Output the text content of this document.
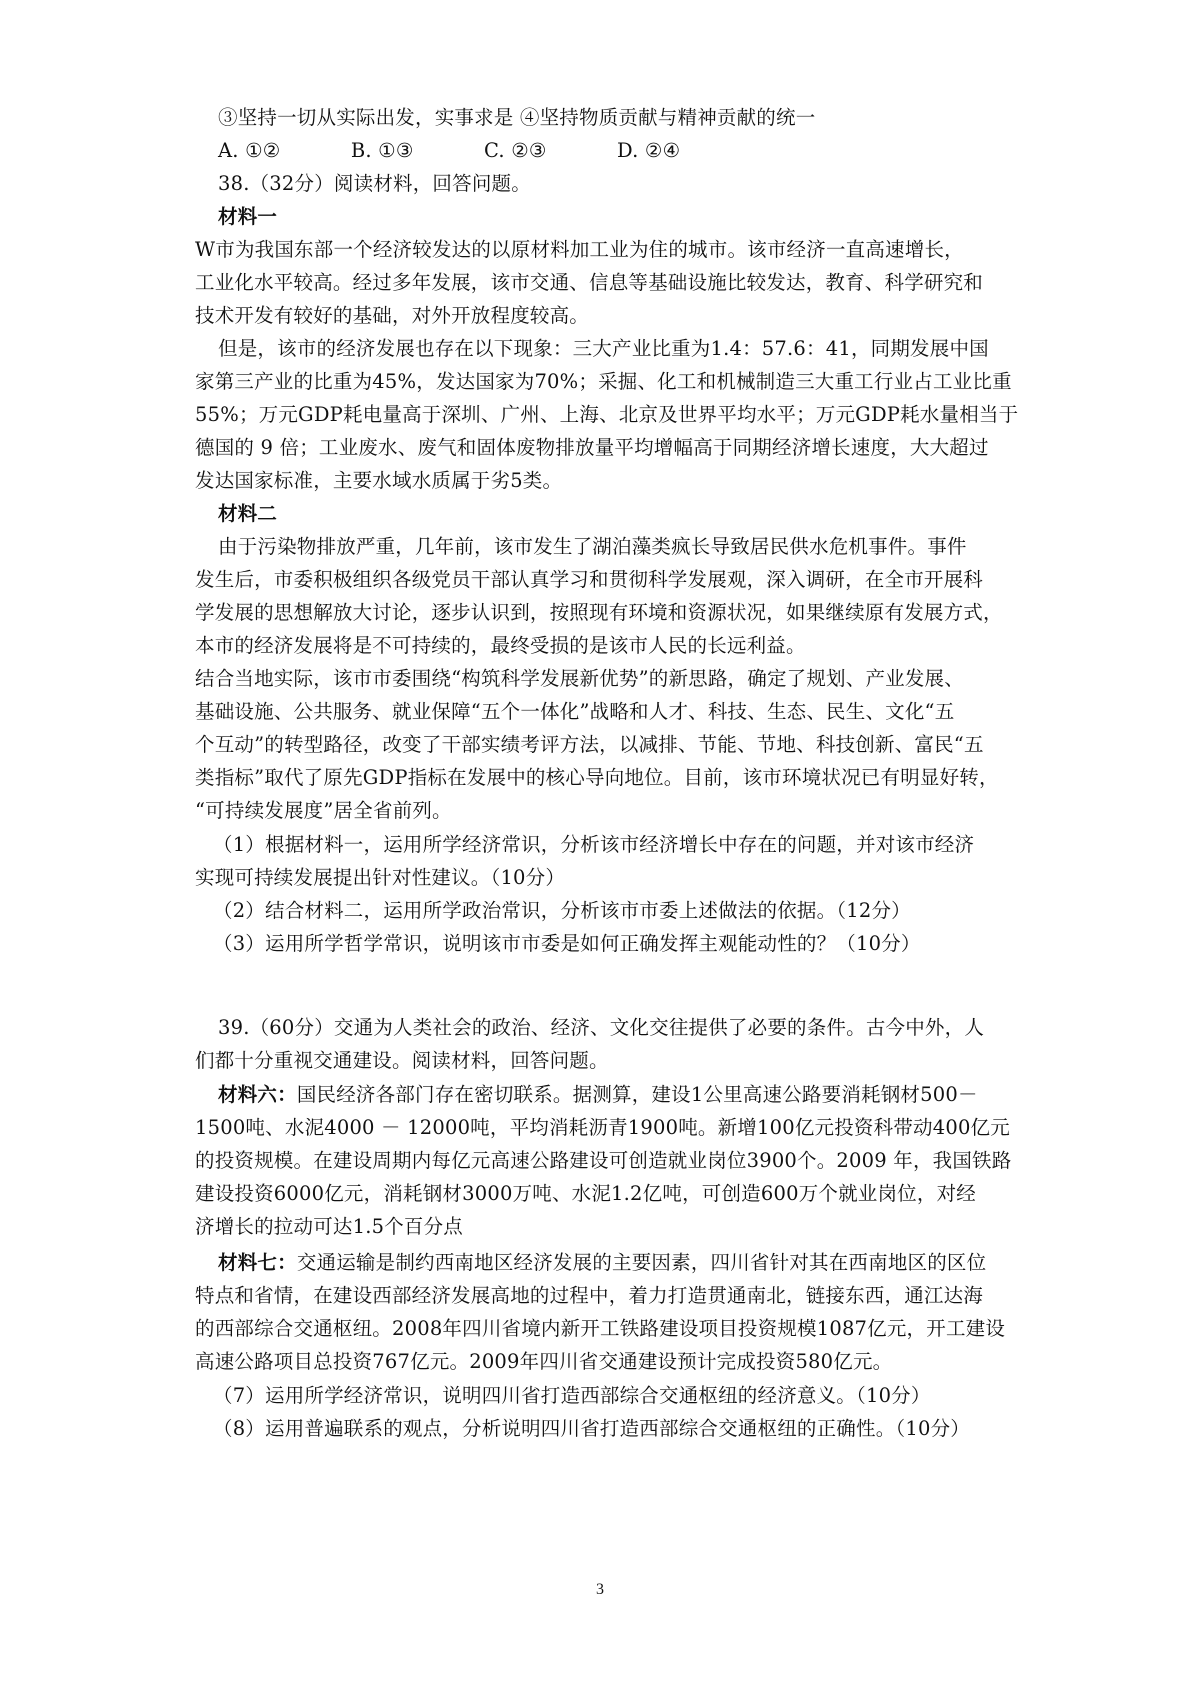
③坚持一切从实际出发，实事求是 ④坚持物质贡献与精神贡献的统一
A. ①②	B. ①③	C. ②③	D. ②④
38.（32分）阅读材料，回答问题。
材料一
W市为我国东部一个经济较发达的以原材料加工业为住的城市。该市经济一直高速增长，
工业化水平较高。经过多年发展，该市交通、信息等基础设施比较发达，教育、科学研究和
技术开发有较好的基础，对外开放程度较高。
但是，该市的经济发展也存在以下现象：三大产业比重为1.4：57.6：41，同期发展中国
家第三产业的比重为45%，发达国家为70%；采掘、化工和机械制造三大重工行业占工业比重
55%；万元GDP耗电量高于深圳、广州、上海、北京及世界平均水平；万元GDP耗水量相当于
德国的 9 倍；工业废水、废气和固体废物排放量平均增幅高于同期经济增长速度，大大超过
发达国家标准，主要水域水质属于劣5类。
材料二
由于污染物排放严重，几年前，该市发生了湖泊藻类疯长导致居民供水危机事件。事件
发生后，市委积极组织各级党员干部认真学习和贯彻科学发展观，深入调研，在全市开展科
学发展的思想解放大讨论，逐步认识到，按照现有环境和资源状况，如果继续原有发展方式，
本市的经济发展将是不可持续的，最终受损的是该市人民的长远利益。
结合当地实际，该市市委围绕“构筑科学发展新优势”的新思路，确定了规划、产业发展、
基础设施、公共服务、就业保障“五个一体化”战略和人才、科技、生态、民生、文化“五
个互动”的转型路径，改变了干部实绩考评方法，以减排、节能、节地、科技创新、富民“五
类指标”取代了原先GDP指标在发展中的核心导向地位。目前，该市环境状况已有明显好转，
“可持续发展度”居全省前列。
（1）根据材料一，运用所学经济常识，分析该市经济增长中存在的问题，并对该市经济
实现可持续发展提出针对性建议。（10分）
（2）结合材料二，运用所学政治常识，分析该市市委上述做法的依据。（12分）
（3）运用所学哲学常识，说明该市市委是如何正确发挥主观能动性的？（10分）
39.（60分）交通为人类社会的政治、经济、文化交往提供了必要的条件。古今中外，人
们都十分重视交通建设。阅读材料，回答问题。
材料六：国民经济各部门存在密切联系。据测算，建设1公里高速公路要消耗钢材500－
1500吨、水泥4000 － 12000吨，平均消耗沥青1900吨。新增100亿元投资科带动400亿元
的投资规模。在建设周期内每亿元高速公路建设可创造就业岗位3900个。2009 年，我国铁路
建设投资6000亿元，消耗钢材3000万吨、水泥1.2亿吨，可创造600万个就业岗位，对经
济增长的拉动可达1.5个百分点
材料七：交通运输是制约西南地区经济发展的主要因素，四川省针对其在西南地区的区位
特点和省情，在建设西部经济发展高地的过程中，着力打造贯通南北，链接东西，通江达海
的西部综合交通枢纽。2008年四川省境内新开工铁路建设项目投资规模1087亿元，开工建设
高速公路项目总投资767亿元。2009年四川省交通建设预计完成投资580亿元。
（7）运用所学经济常识，说明四川省打造西部综合交通枢纽的经济意义。（10分）
（8）运用普遍联系的观点，分析说明四川省打造西部综合交通枢纽的正确性。（10分）
3
